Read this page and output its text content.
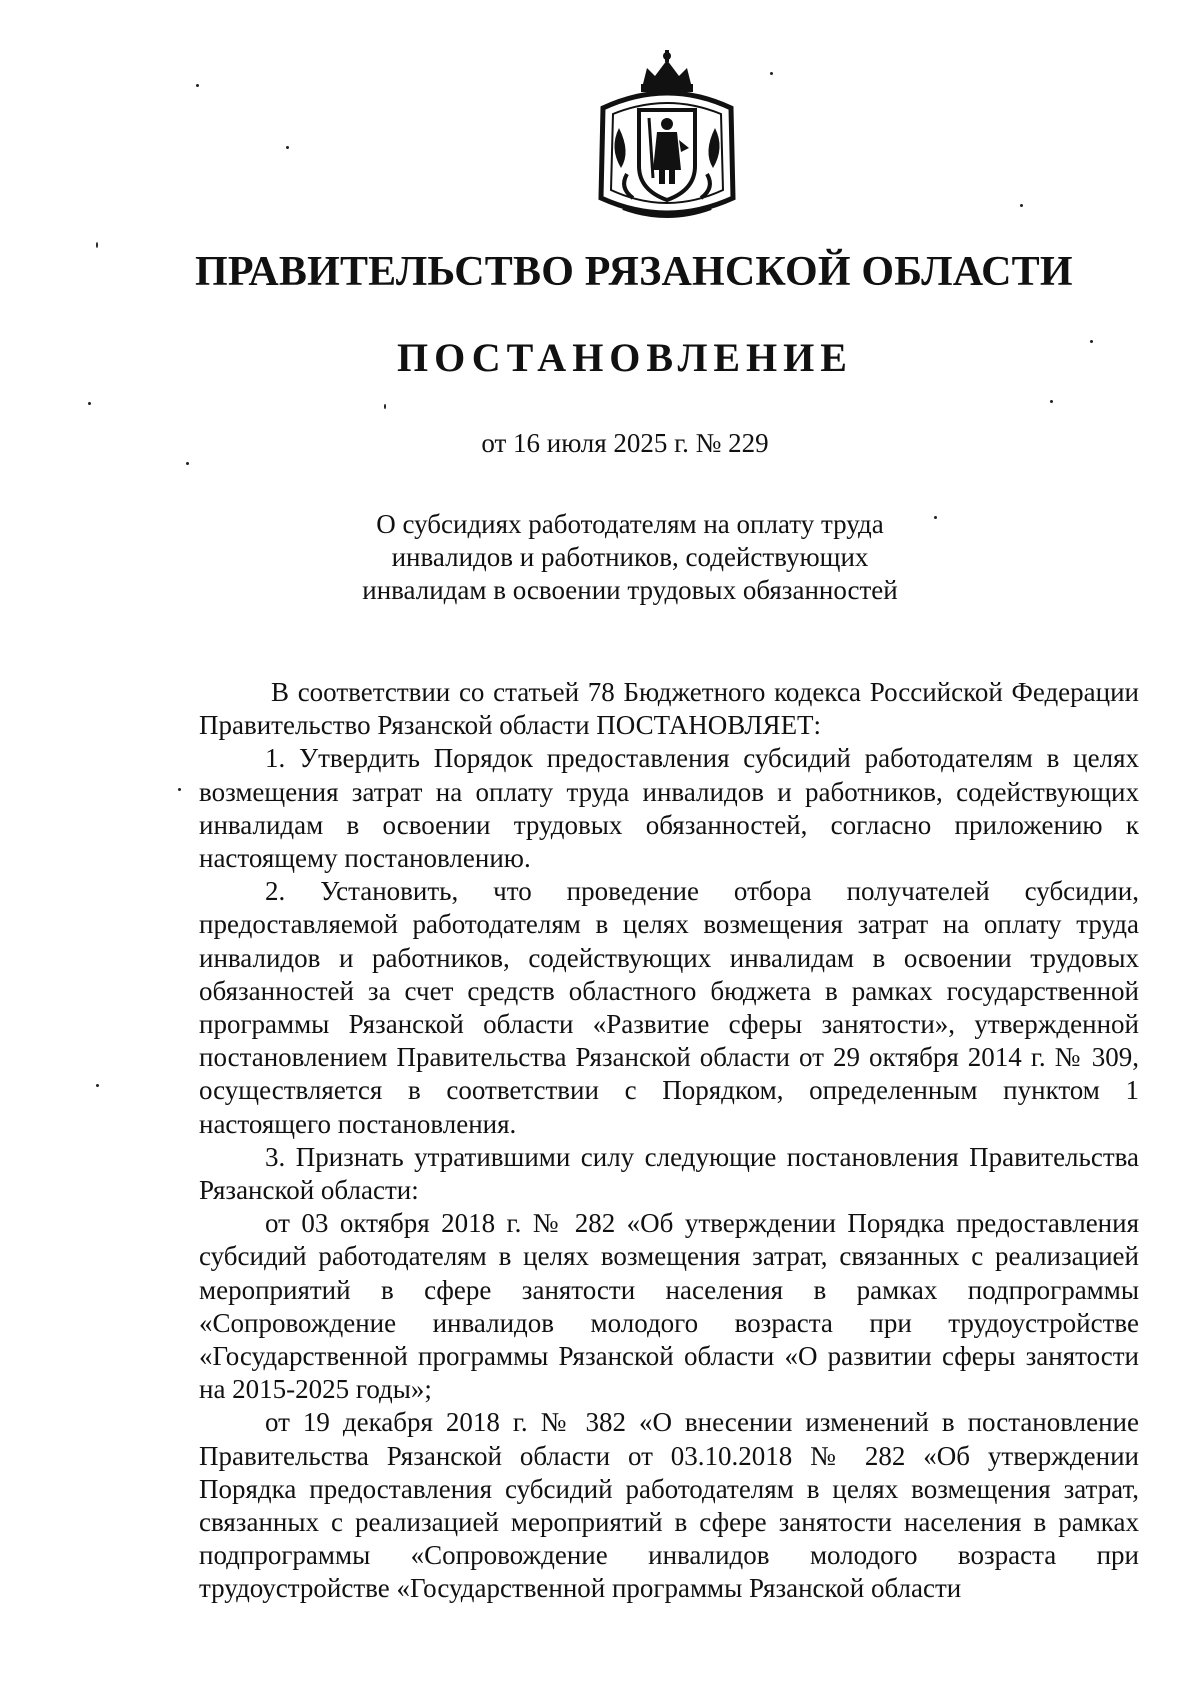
ПРАВИТЕЛЬСТВО РЯЗАНСКОЙ ОБЛАСТИ
ПОСТАНОВЛЕНИЕ
от 16 июля 2025 г. № 229
О субсидиях работодателям на оплату труда
инвалидов и работников, содействующих
инвалидам в освоении трудовых обязанностей

В соответствии со статьей 78 Бюджетного кодекса Российской Федерации Правительство Рязанской области ПОСТАНОВЛЯЕТ:

1. Утвердить Порядок предоставления субсидий работодателям в целях возмещения затрат на оплату труда инвалидов и работников, содействующих инвалидам в освоении трудовых обязанностей, согласно приложению к настоящему постановлению.

2. Установить, что проведение отбора получателей субсидии, предоставляемой работодателям в целях возмещения затрат на оплату труда инвалидов и работников, содействующих инвалидам в освоении трудовых обязанностей за счет средств областного бюджета в рамках государственной программы Рязанской области «Развитие сферы занятости», утвержденной постановлением Правительства Рязанской области от 29 октября 2014 г. № 309, осуществляется в соответствии с Порядком, определенным пунктом 1 настоящего постановления.

3. Признать утратившими силу следующие постановления Правительства Рязанской области:

от 03 октября 2018 г. № 282 «Об утверждении Порядка предоставления субсидий работодателям в целях возмещения затрат, связанных с реализацией мероприятий в сфере занятости населения в рамках подпрограммы «Сопровождение инвалидов молодого возраста при трудоустройстве «Государственной программы Рязанской области «О развитии сферы занятости на 2015-2025 годы»;

от 19 декабря 2018 г. № 382 «О внесении изменений в постановление Правительства Рязанской области от 03.10.2018 № 282 «Об утверждении Порядка предоставления субсидий работодателям в целях возмещения затрат, связанных с реализацией мероприятий в сфере занятости населения в рамках подпрограммы «Сопровождение инвалидов молодого возраста при трудоустройстве «Государственной программы Рязанской области
